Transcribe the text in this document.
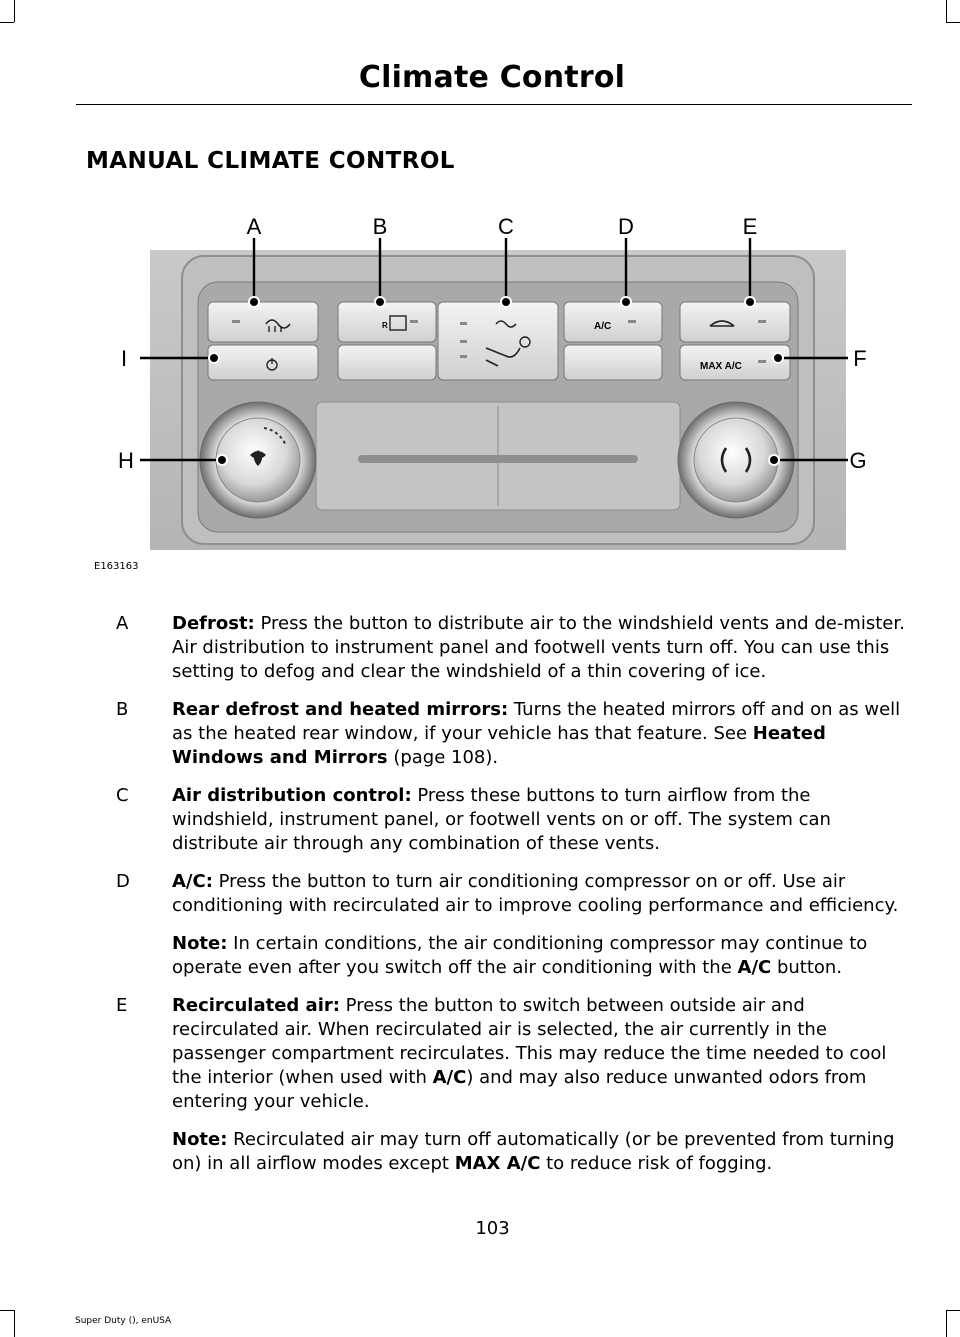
Climate Control
MANUAL CLIMATE CONTROL
R	A/C
MAX A/C
A	B	C	D	E
F
G
H
I
E163163
A Defrost: Press the button to distribute air to the windshield vents and de-mister. Air distribution to instrument panel and footwell vents turn off. You can use this setting to defog and clear the windshield of a thin covering of ice.

B Rear defrost and heated mirrors: Turns the heated mirrors off and on as well as the heated rear window, if your vehicle has that feature. See Heated Windows and Mirrors (page 108).

C Air distribution control: Press these buttons to turn airflow from the windshield, instrument panel, or footwell vents on or off. The system can distribute air through any combination of these vents.

D A/C: Press the button to turn air conditioning compressor on or off. Use air conditioning with recirculated air to improve cooling performance and efficiency.

Note: In certain conditions, the air conditioning compressor may continue to operate even after you switch off the air conditioning with the A/C button.

E Recirculated air: Press the button to switch between outside air and recirculated air. When recirculated air is selected, the air currently in the passenger compartment recirculates. This may reduce the time needed to cool the interior (when used with A/C) and may also reduce unwanted odors from entering your vehicle.

Note: Recirculated air may turn off automatically (or be prevented from turning on) in all airflow modes except MAX A/C to reduce risk of fogging.

103
Super Duty (), enUSA
